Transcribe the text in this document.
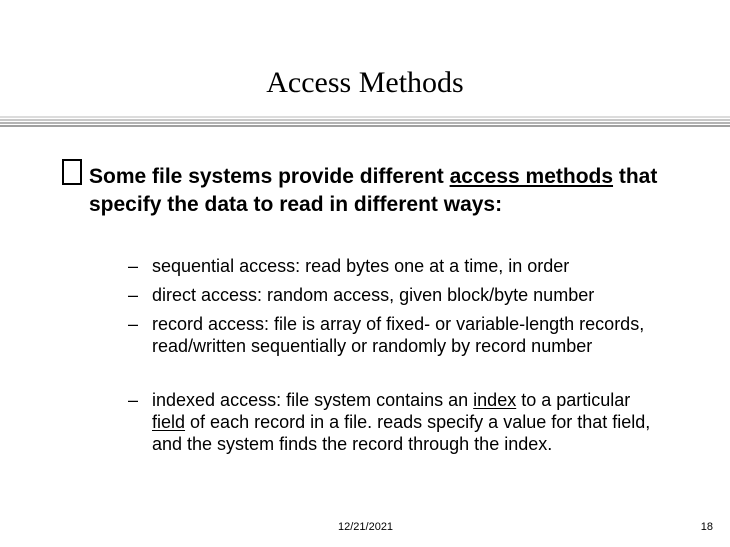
Access Methods
Some file systems provide different access methods that specify the data to read in different ways:
– sequential access: read bytes one at a time, in order
– direct access: random access, given block/byte number
– record access: file is array of fixed- or variable-length records, read/written sequentially or randomly by record number
– indexed access: file system contains an index to a particular field of each record in a file. reads specify a value for that field, and the system finds the record through the index.
12/21/2021	18
